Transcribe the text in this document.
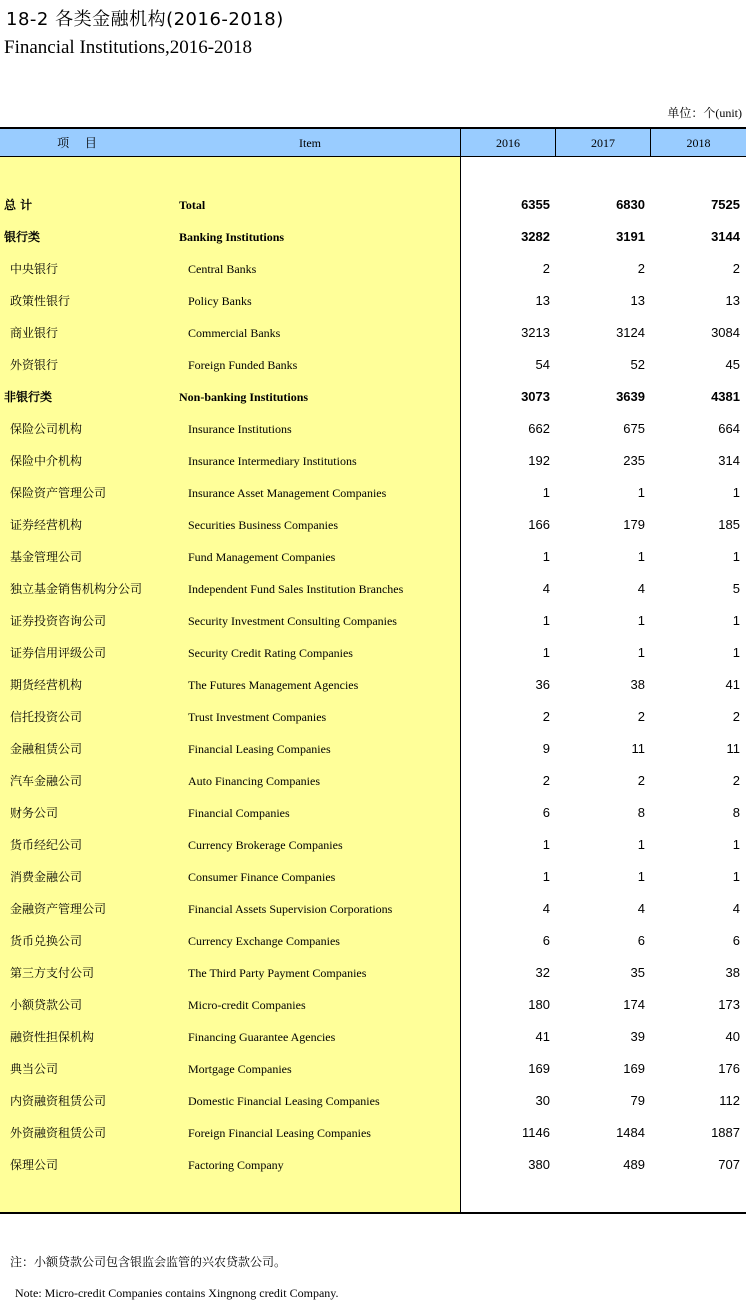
18-2 各类金融机构(2016-2018)
Financial Institutions,2016-2018
单位：个(unit)
项 目	Item	2016	2017	2018
总 计	Total	6355	6830	7525
银行类	Banking Institutions	3282	3191	3144
中央银行	Central Banks	2	2	2
政策性银行	Policy Banks	13	13	13
商业银行	Commercial Banks	3213	3124	3084
外资银行	Foreign Funded Banks	54	52	45
非银行类	Non-banking Institutions	3073	3639	4381
保险公司机构	Insurance Institutions	662	675	664
保险中介机构	Insurance Intermediary Institutions	192	235	314
保险资产管理公司	Insurance Asset Management Companies	1	1	1
证券经营机构	Securities Business Companies	166	179	185
基金管理公司	Fund Management Companies	1	1	1
独立基金销售机构分公司	Independent Fund Sales Institution Branches	4	4	5
证券投资咨询公司	Security Investment Consulting Companies	1	1	1
证券信用评级公司	Security Credit Rating Companies	1	1	1
期货经营机构	The Futures Management Agencies	36	38	41
信托投资公司	Trust Investment Companies	2	2	2
金融租赁公司	Financial Leasing Companies	9	11	11
汽车金融公司	Auto Financing Companies	2	2	2
财务公司	Financial Companies	6	8	8
货币经纪公司	Currency Brokerage Companies	1	1	1
消费金融公司	Consumer Finance Companies	1	1	1
金融资产管理公司	Financial Assets Supervision Corporations	4	4	4
货币兑换公司	Currency Exchange Companies	6	6	6
第三方支付公司	The Third Party Payment Companies	32	35	38
小额贷款公司	Micro-credit Companies	180	174	173
融资性担保机构	Financing Guarantee Agencies	41	39	40
典当公司	Mortgage Companies	169	169	176
内资融资租赁公司	Domestic Financial Leasing Companies	30	79	112
外资融资租赁公司	Foreign Financial Leasing Companies	1146	1484	1887
保理公司	Factoring Company	380	489	707
注：小额贷款公司包含银监会监管的兴农贷款公司。
Note: Micro-credit Companies contains Xingnong credit Company.
